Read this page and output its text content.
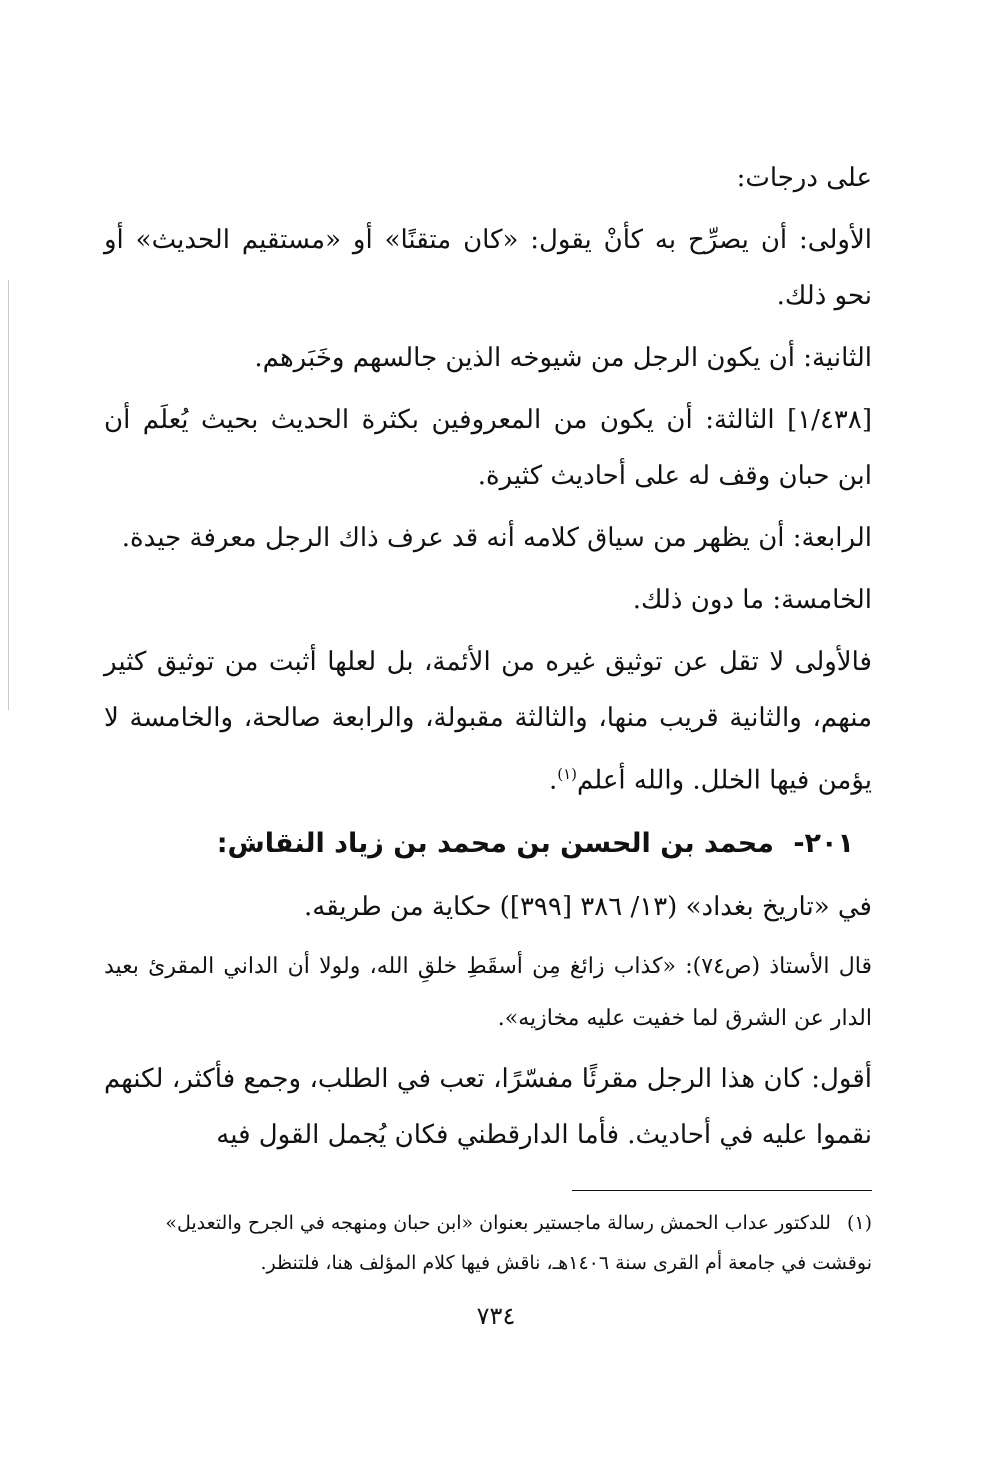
على درجات:

الأولى: أن يصرِّح به كأنْ يقول: «كان متقنًا» أو «مستقيم الحديث» أو نحو ذلك.

الثانية: أن يكون الرجل من شيوخه الذين جالسهم وخَبَرهم.

[١/٤٣٨] الثالثة: أن يكون من المعروفين بكثرة الحديث بحيث يُعلَم أن ابن حبان وقف له على أحاديث كثيرة.

الرابعة: أن يظهر من سياق كلامه أنه قد عرف ذاك الرجل معرفة جيدة.

الخامسة: ما دون ذلك.

فالأولى لا تقل عن توثيق غيره من الأئمة، بل لعلها أثبت من توثيق كثير منهم، والثانية قريب منها، والثالثة مقبولة، والرابعة صالحة، والخامسة لا يؤمن فيها الخلل. والله أعلم$^{(١)}$.

٢٠١- محمد بن الحسن بن محمد بن زياد النقاش:

في «تاريخ بغداد» (١٣/ ٣٨٦ [٣٩٩]) حكاية من طريقه.

قال الأستاذ (ص٧٤): «كذاب زائغ مِن أسقَطِ خلقِ الله، ولولا أن الداني المقرئ بعيد الدار عن الشرق لما خفيت عليه مخازيه».

أقول: كان هذا الرجل مقرئًا مفسّرًا، تعب في الطلب، وجمع فأكثر، لكنهم نقموا عليه في أحاديث. فأما الدارقطني فكان يُجمل القول فيه

(١)للدكتور عداب الحمش رسالة ماجستير بعنوان «ابن حبان ومنهجه في الجرح والتعديل» نوقشت في جامعة أم القرى سنة ١٤٠٦هـ، ناقش فيها كلام المؤلف هنا، فلتنظر.
٧٣٤
